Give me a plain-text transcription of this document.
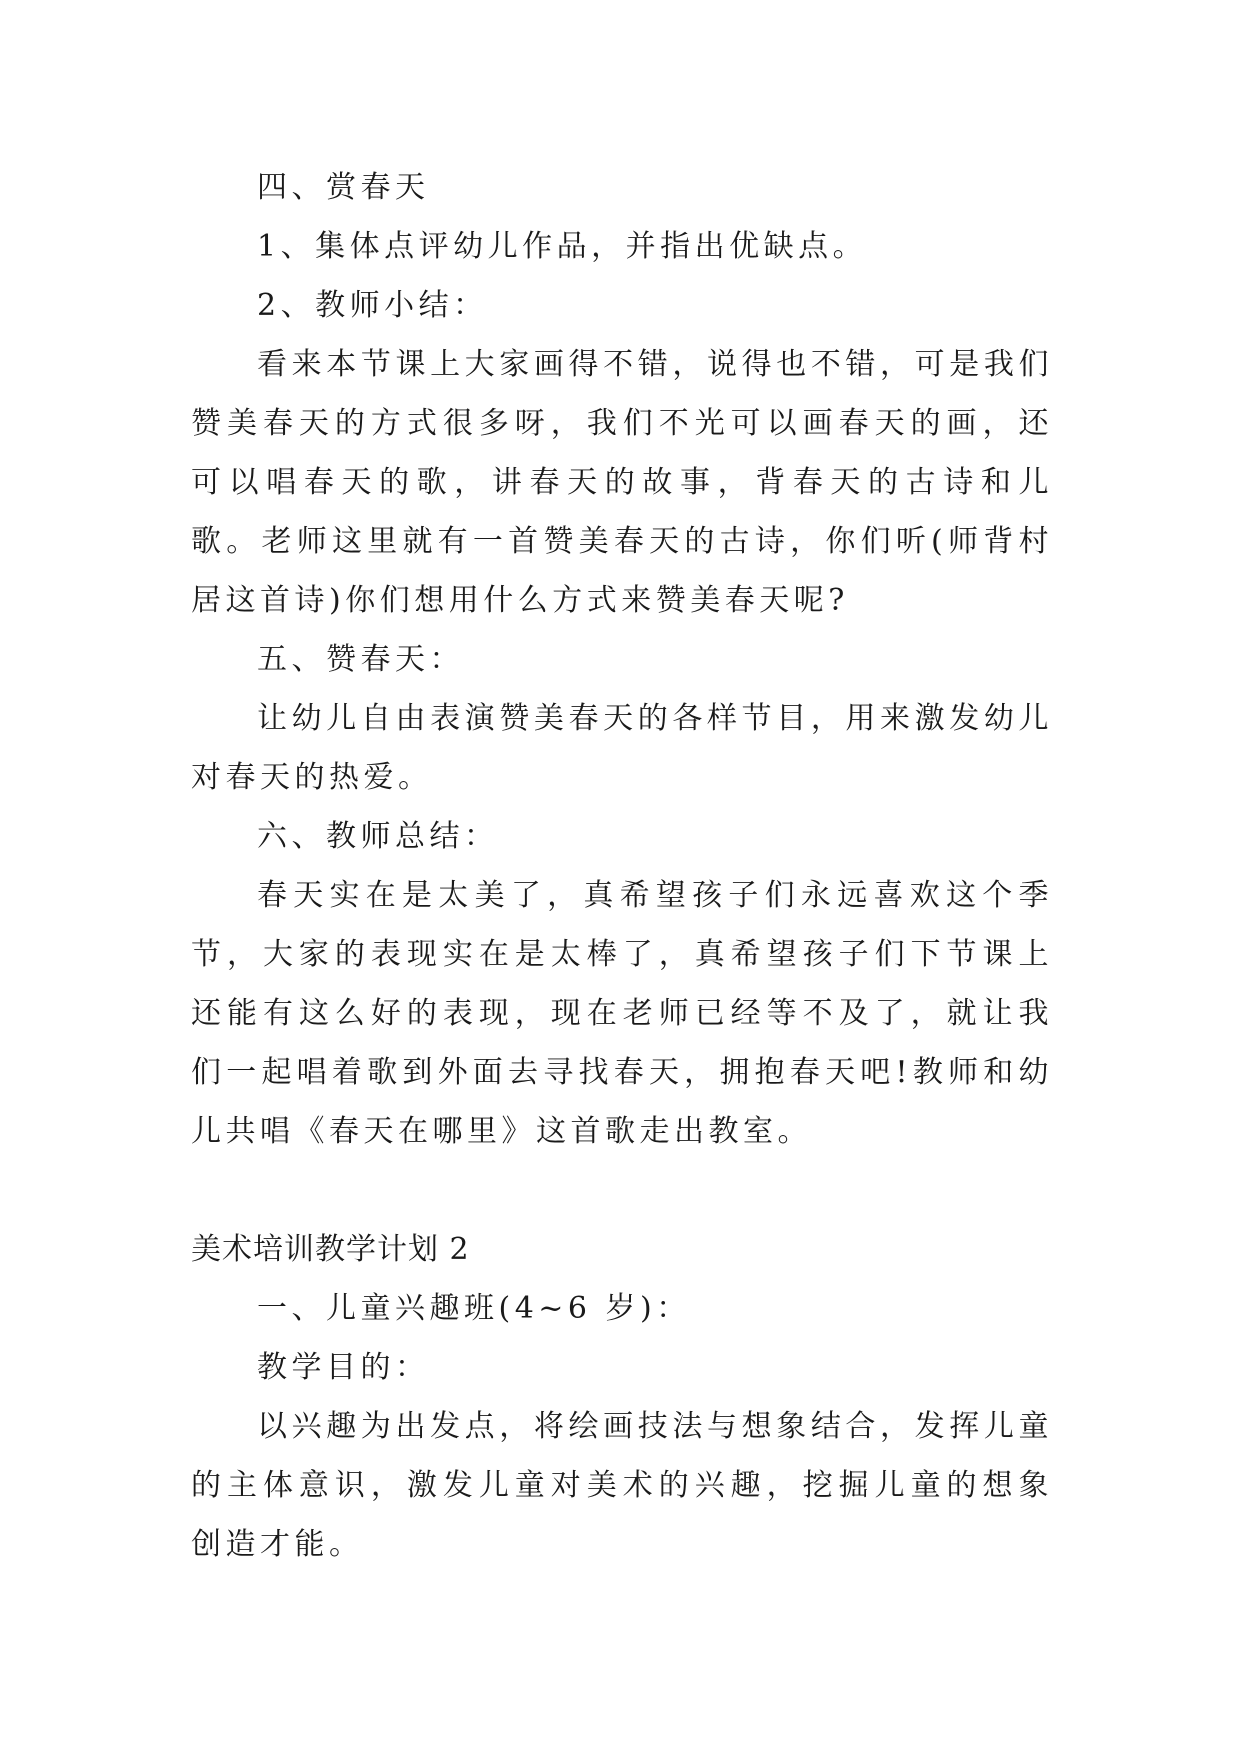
四、赏春天

1、集体点评幼儿作品，并指出优缺点。

2、教师小结：

看来本节课上大家画得不错，说得也不错，可是我们赞美春天的方式很多呀，我们不光可以画春天的画，还可以唱春天的歌，讲春天的故事，背春天的古诗和儿歌。老师这里就有一首赞美春天的古诗，你们听(师背村居这首诗)你们想用什么方式来赞美春天呢?

五、赞春天：

让幼儿自由表演赞美春天的各样节目，用来激发幼儿对春天的热爱。

六、教师总结：

春天实在是太美了，真希望孩子们永远喜欢这个季节，大家的表现实在是太棒了，真希望孩子们下节课上还能有这么好的表现，现在老师已经等不及了，就让我们一起唱着歌到外面去寻找春天，拥抱春天吧!教师和幼儿共唱《春天在哪里》这首歌走出教室。

美术培训教学计划 2

一、儿童兴趣班(4~6 岁)：

教学目的：

以兴趣为出发点，将绘画技法与想象结合，发挥儿童的主体意识，激发儿童对美术的兴趣，挖掘儿童的想象创造才能。
